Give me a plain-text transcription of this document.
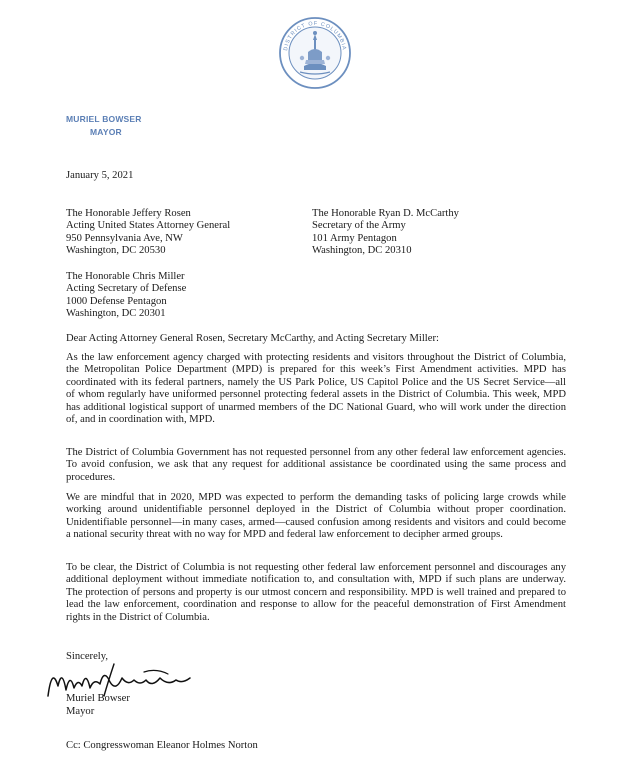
DISTRICT OF COLUMBIA
MURIEL BOWSER
MAYOR
January 5, 2021
The Honorable Jeffery Rosen
Acting United States Attorney General
950 Pennsylvania Ave, NW
Washington, DC 20530
The Honorable Ryan D. McCarthy
Secretary of the Army
101 Army Pentagon
Washington, DC 20310
The Honorable Chris Miller
Acting Secretary of Defense
1000 Defense Pentagon
Washington, DC 20301
Dear Acting Attorney General Rosen, Secretary McCarthy, and Acting Secretary Miller:
As the law enforcement agency charged with protecting residents and visitors throughout the District of Columbia, the Metropolitan Police Department (MPD) is prepared for this week’s First Amendment activities. MPD has coordinated with its federal partners, namely the US Park Police, US Capitol Police and the US Secret Service—all of whom regularly have uniformed personnel protecting federal assets in the District of Columbia. This week, MPD has additional logistical support of unarmed members of the DC National Guard, who will work under the direction of, and in coordination with, MPD.
The District of Columbia Government has not requested personnel from any other federal law enforcement agencies. To avoid confusion, we ask that any request for additional assistance be coordinated using the same process and procedures.
We are mindful that in 2020, MPD was expected to perform the demanding tasks of policing large crowds while working around unidentifiable personnel deployed in the District of Columbia without proper coordination. Unidentifiable personnel—in many cases, armed—caused confusion among residents and visitors and could become a national security threat with no way for MPD and federal law enforcement to decipher armed groups.
To be clear, the District of Columbia is not requesting other federal law enforcement personnel and discourages any additional deployment without immediate notification to, and consultation with, MPD if such plans are underway. The protection of persons and property is our utmost concern and responsibility. MPD is well trained and prepared to lead the law enforcement, coordination and response to allow for the peaceful demonstration of First Amendment rights in the District of Columbia.
Sincerely,
Muriel Bowser
Mayor
Cc: Congresswoman Eleanor Holmes Norton
